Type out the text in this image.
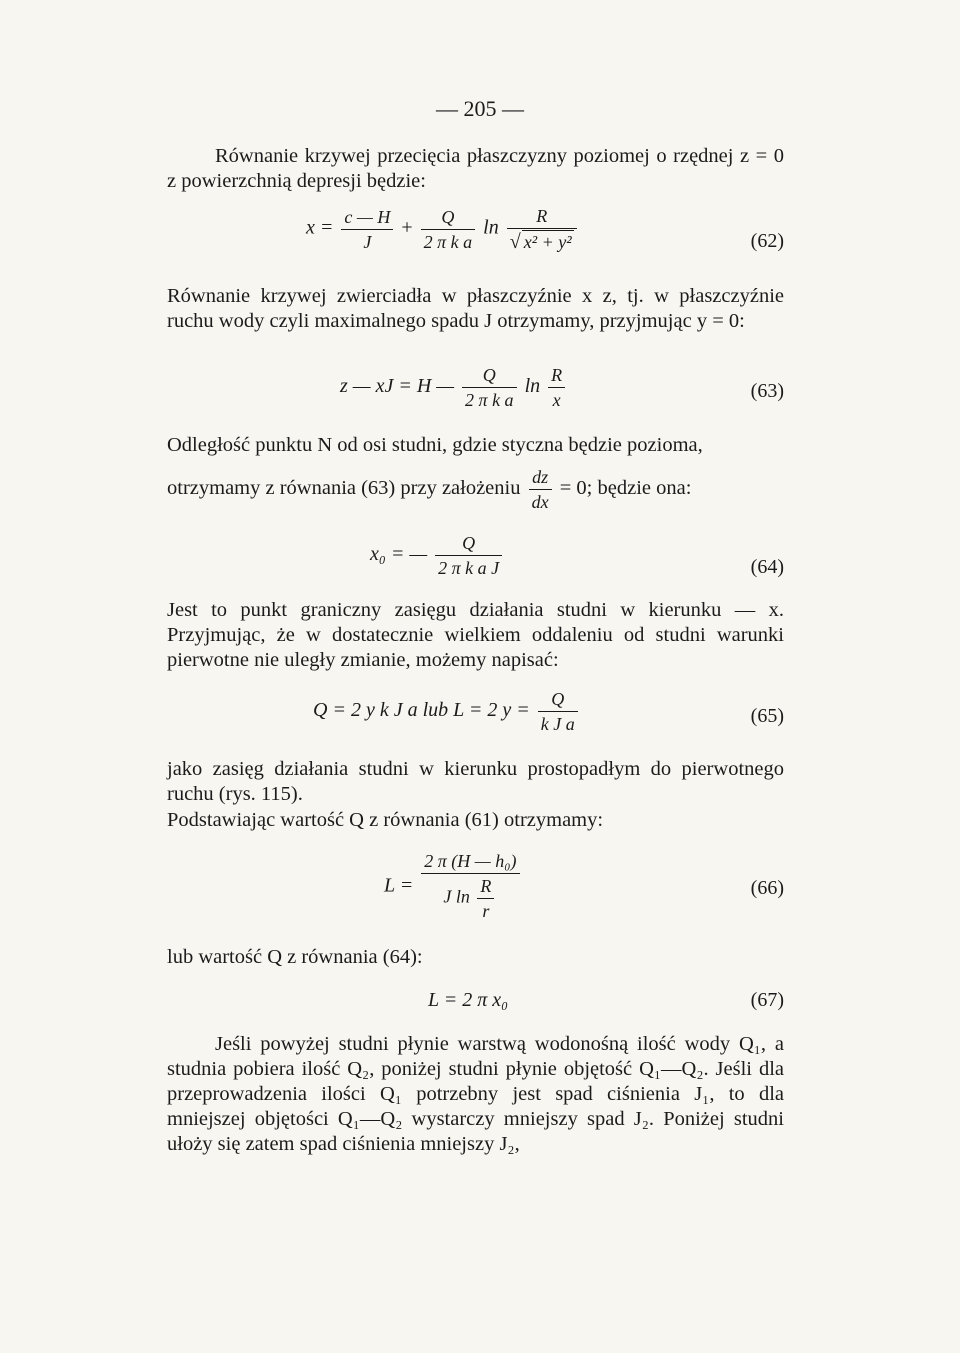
— 205 —
Równanie krzywej przecięcia płaszczyzny poziomej o rzędnej z = 0 z powierzchnią depresji będzie:
$x = \frac{c — H}{J} + \frac{Q}{\text{2 π k a}}$ $\ln \frac{R}{\text{√ x² + y²}}$	(62)
Równanie krzywej zwierciadła w płaszczyźnie x z, tj. w płaszczyźnie ruchu wody czyli maximalnego spadu J otrzymamy, przyjmując y = 0:
z — xJ = H — $\frac{Q}{\text{2 π k a}}$ $\ln \frac{R}{x}$	(63)
Odległość punktu N od osi studni, gdzie styczna będzie pozioma,
otrzymamy z równania (63) przy założeniu $\frac{dz}{dx} = 0$; będzie ona:
x₀ = — $\frac{Q}{\text{2 π k a J}}$	(64)
Jest to punkt graniczny zasięgu działania studni w kierunku — x. Przyjmując, że w dostatecznie wielkiem oddaleniu od studni warunki pierwotne nie uległy zmianie, możemy napisać:
Q = 2 y k J a lub L = 2 $y = \frac{Q}{\text{k J a}}$	(65)
jako zasięg działania studni w kierunku prostopadłym do pierwotnego ruchu (rys. 115).
Podstawiając wartość Q z równania (61) otrzymamy:
$L = \frac{\text{2 π (H — h₀)}}{J \ln \frac{R}{r}}$	(66)
lub wartość Q z równania (64):
L = 2 π x₀	(67)
Jeśli powyżej studni płynie warstwą wodonośną ilość wody Q₁, a studnia pobiera ilość Q₂, poniżej studni płynie objętość Q₁—Q₂. Jeśli dla przeprowadzenia ilości Q₁ potrzebny jest spad ciśnienia J₁, to dla mniejszej objętości Q₁—Q₂ wystarczy mniejszy spad J₂. Poniżej studni ułoży się zatem spad ciśnienia mniejszy J₂,
